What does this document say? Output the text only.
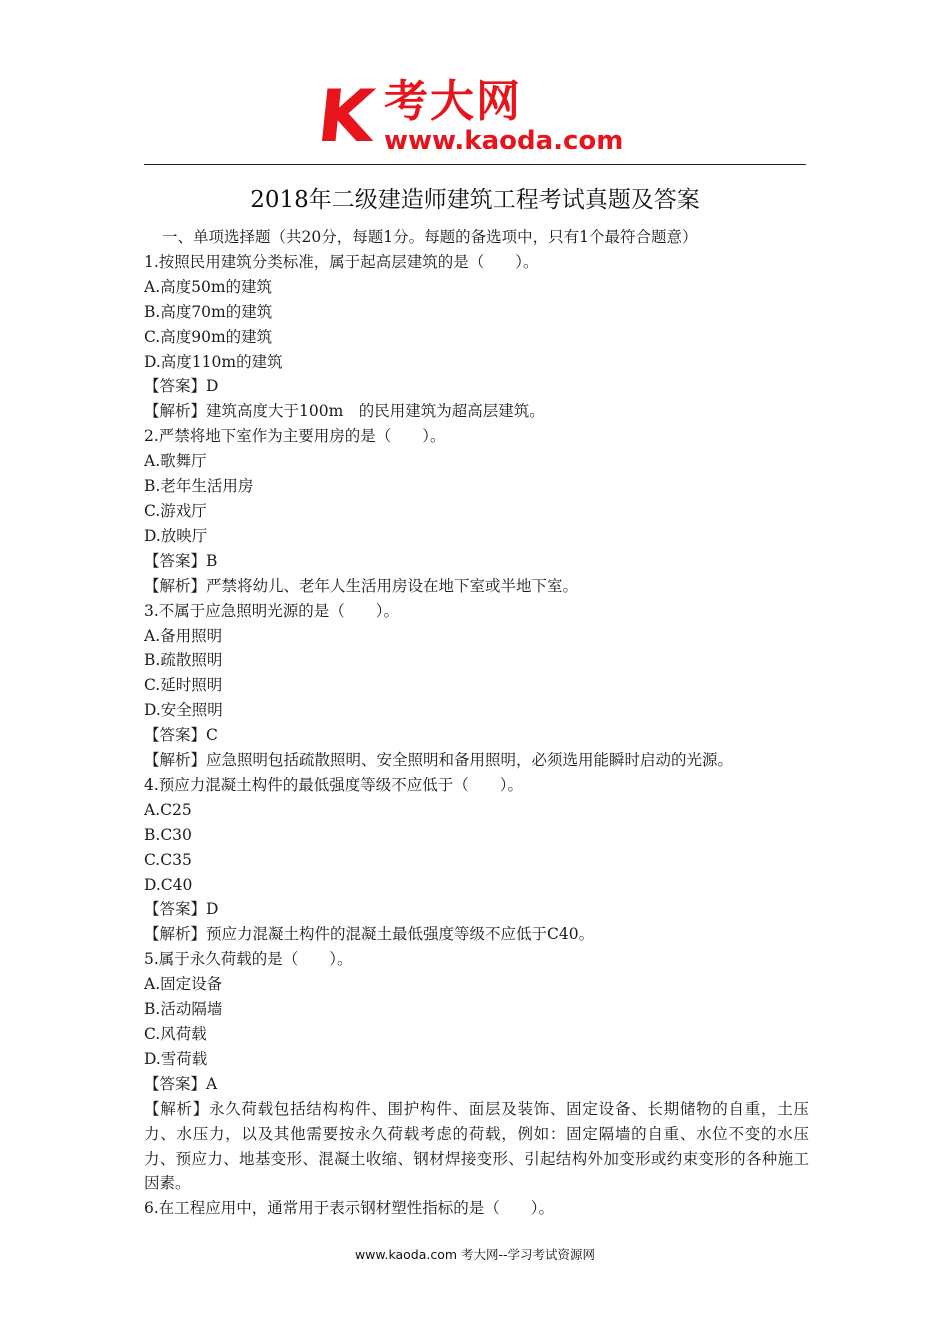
K 考大网
www.kaoda.com
2018年二级建造师建筑工程考试真题及答案
一、单项选择题（共20分，每题1分。每题的备选项中，只有1个最符合题意）
1.按照民用建筑分类标准，属于起高层建筑的是（　　）。
A.高度50m的建筑
B.高度70m的建筑
C.高度90m的建筑
D.高度110m的建筑
【答案】D
【解析】建筑高度大于100m　的民用建筑为超高层建筑。
2.严禁将地下室作为主要用房的是（　　）。
A.歌舞厅
B.老年生活用房
C.游戏厅
D.放映厅
【答案】B
【解析】严禁将幼儿、老年人生活用房设在地下室或半地下室。
3.不属于应急照明光源的是（　　）。
A.备用照明
B.疏散照明
C.延时照明
D.安全照明
【答案】C
【解析】应急照明包括疏散照明、安全照明和备用照明，必须选用能瞬时启动的光源。
4.预应力混凝土构件的最低强度等级不应低于（　　）。
A.C25
B.C30
C.C35
D.C40
【答案】D
【解析】预应力混凝土构件的混凝土最低强度等级不应低于C40。
5.属于永久荷载的是（　　）。
A.固定设备
B.活动隔墙
C.风荷载
D.雪荷载
【答案】A
【解析】永久荷载包括结构构件、围护构件、面层及装饰、固定设备、长期储物的自重，土压力、水压力，以及其他需要按永久荷载考虑的荷载，例如：固定隔墙的自重、水位不变的水压力、预应力、地基变形、混凝土收缩、钢材焊接变形、引起结构外加变形或约束变形的各种施工因素。
6.在工程应用中，通常用于表示钢材塑性指标的是（　　）。
www.kaoda.com 考大网--学习考试资源网
